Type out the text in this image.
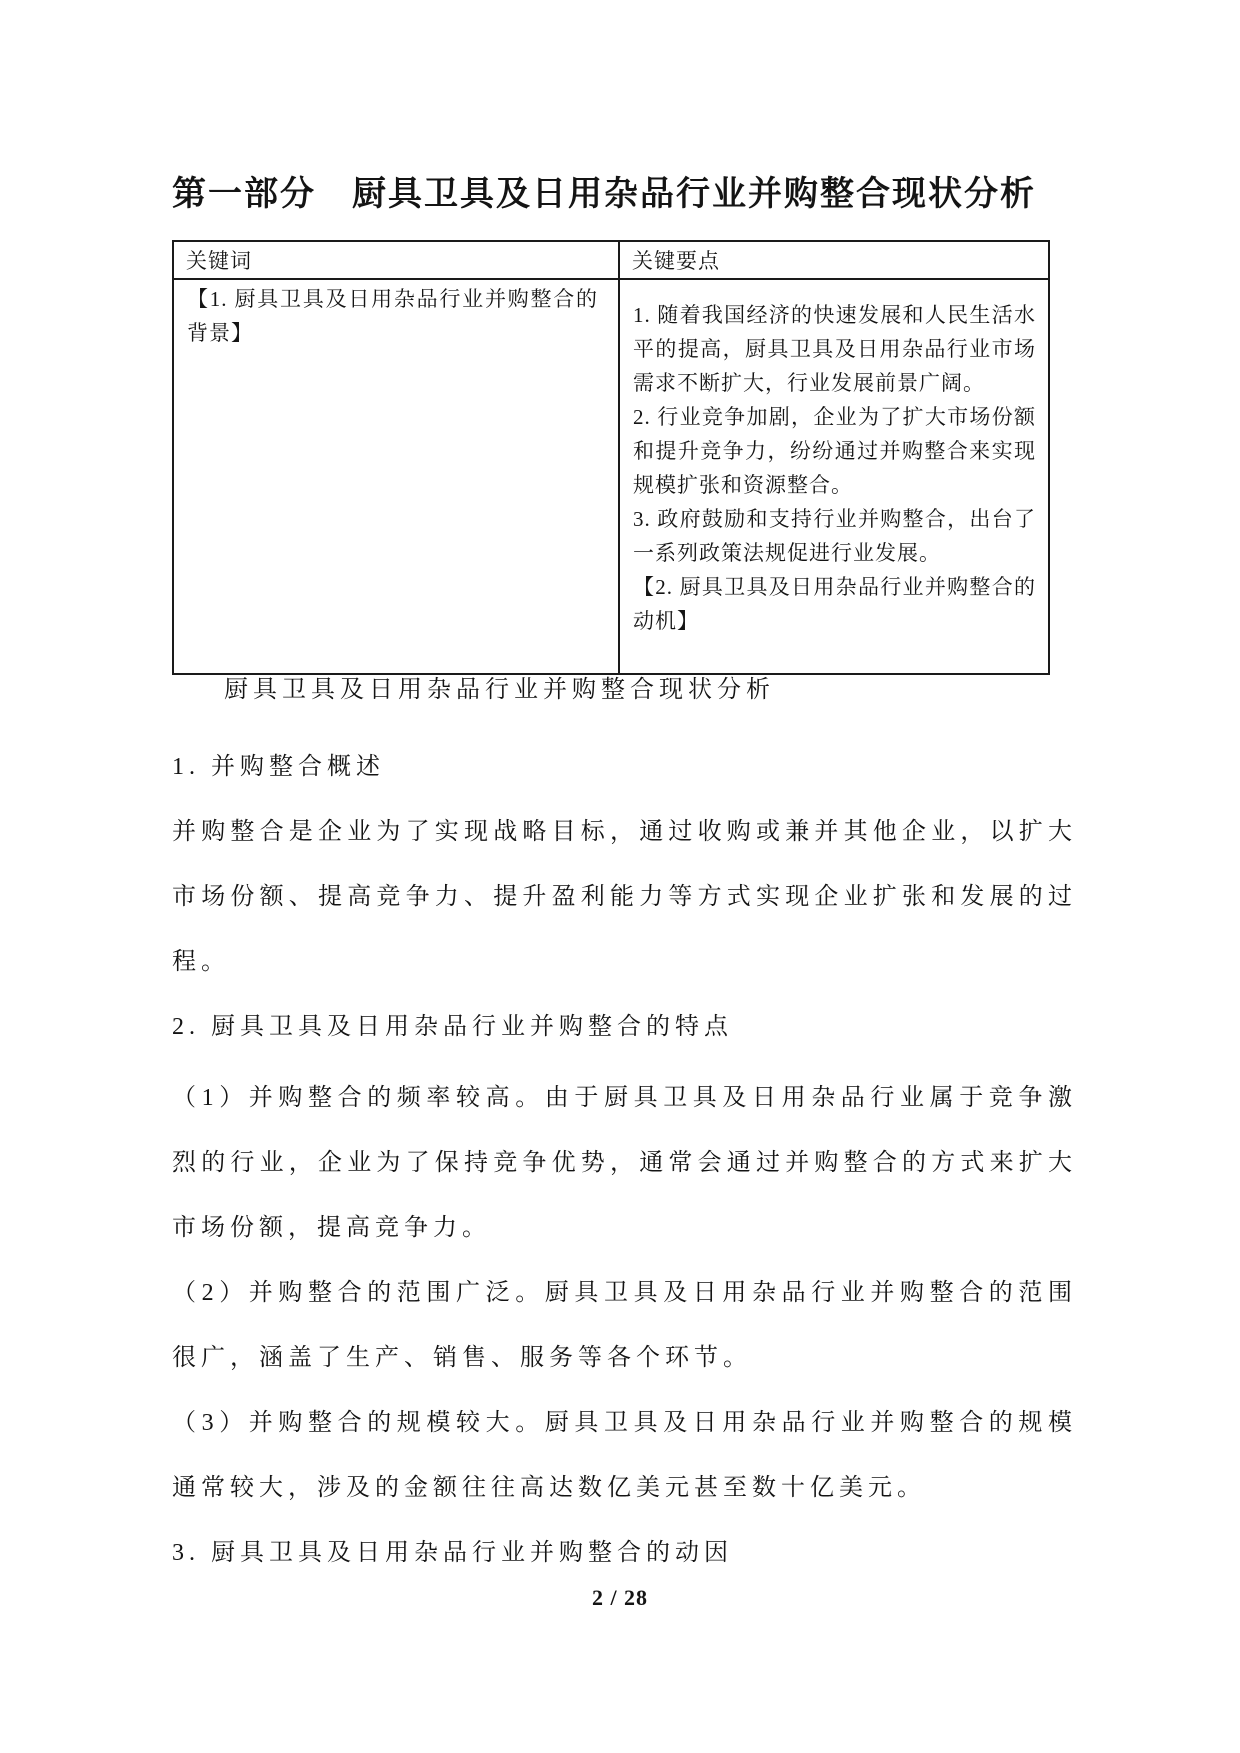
第一部分　厨具卫具及日用杂品行业并购整合现状分析
关键词	关键要点

【1. 厨具卫具及日用杂品行业并购整合的背景】	1. 随着我国经济的快速发展和人民生活水平的提高，厨具卫具及日用杂品行业市场需求不断扩大，行业发展前景广阔。

2. 行业竞争加剧，企业为了扩大市场份额和提升竞争力，纷纷通过并购整合来实现规模扩张和资源整合。

3. 政府鼓励和支持行业并购整合，出台了一系列政策法规促进行业发展。

【2. 厨具卫具及日用杂品行业并购整合的动机】

厨具卫具及日用杂品行业并购整合现状分析

1. 并购整合概述

并购整合是企业为了实现战略目标，通过收购或兼并其他企业，以扩大市场份额、提高竞争力、提升盈利能力等方式实现企业扩张和发展的过程。

2. 厨具卫具及日用杂品行业并购整合的特点

（1）并购整合的频率较高。由于厨具卫具及日用杂品行业属于竞争激烈的行业，企业为了保持竞争优势，通常会通过并购整合的方式来扩大市场份额，提高竞争力。

（2）并购整合的范围广泛。厨具卫具及日用杂品行业并购整合的范围很广，涵盖了生产、销售、服务等各个环节。

（3）并购整合的规模较大。厨具卫具及日用杂品行业并购整合的规模通常较大，涉及的金额往往高达数亿美元甚至数十亿美元。

3. 厨具卫具及日用杂品行业并购整合的动因

2 / 28
